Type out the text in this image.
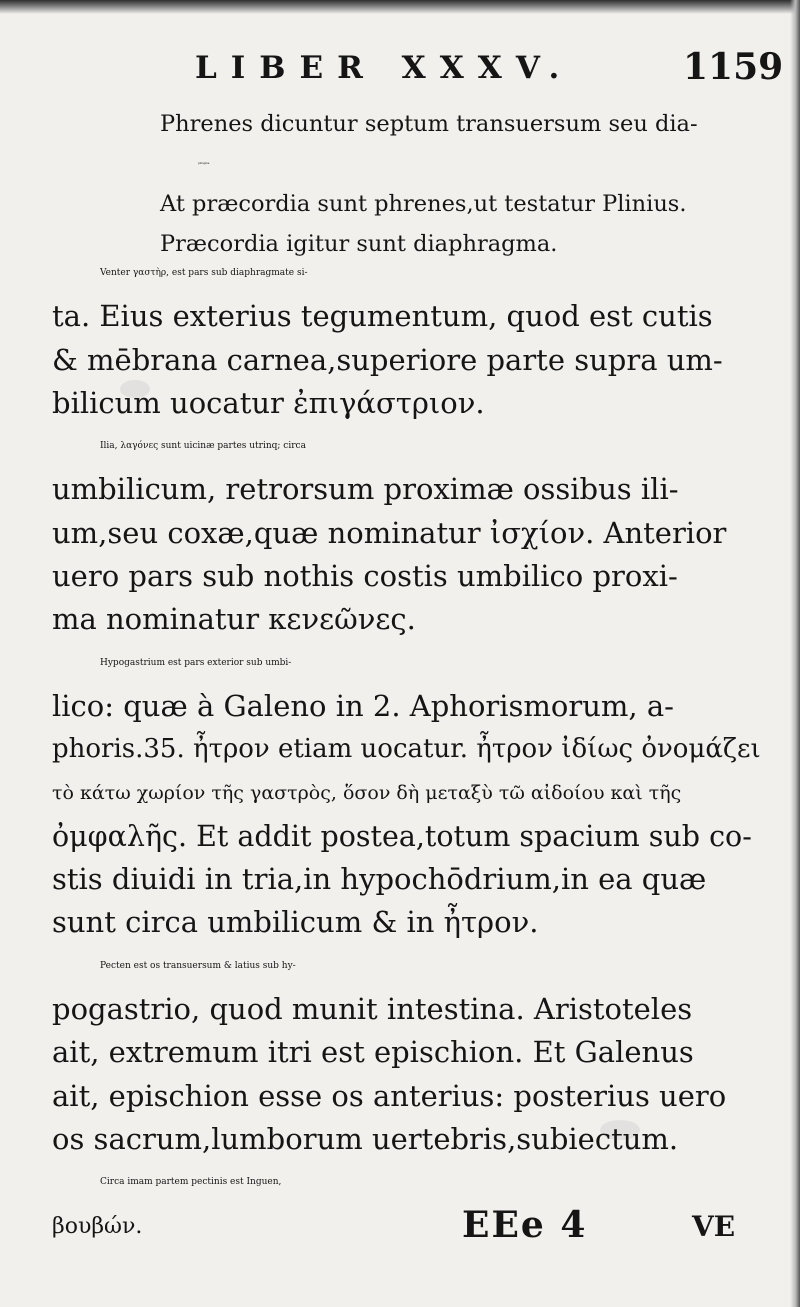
LIBER XXXV.	1159
Phrenes dicuntur septum transuersum seu dia-
phragma
At præcordia sunt phrenes,ut testatur Plinius.
Præcordia igitur sunt diaphragma.
Venter γαστὴρ, est pars sub diaphragmate si-
ta. Eius exterius tegumentum, quod est cutis
& mēbrana carnea,superiore parte supra um-
bilicum uocatur ἐπιγάστριον.
Ilia, λαγόνες sunt uicinæ partes utrinq; circa
umbilicum, retrorsum proximæ ossibus ili-
um,seu coxæ,quæ nominatur ἰσχίον. Anterior
uero pars sub nothis costis umbilico proxi-
ma nominatur κενεῶνες.
Hypogastrium est pars exterior sub umbi-
lico: quæ à Galeno in 2. Aphorismorum, a-
phoris.35. ἦτρον etiam uocatur. ἦτρον ἰδίως ὀνομάζει
τὸ κάτω χωρίον τῆς γαστρὸς, ὅσον δὴ μεταξὺ τῶ αἰδοίου καὶ τῆς
ὀμφαλῆς. Et addit postea,totum spacium sub co-
stis diuidi in tria,in hypochōdrium,in ea quæ
sunt circa umbilicum & in ἦτρον.
Pecten est os transuersum & latius sub hy-
pogastrio, quod munit intestina. Aristoteles
ait, extremum itri est epischion. Et Galenus
ait, epischion esse os anterius: posterius uero
os sacrum,lumborum uertebris,subiectum.
Circa imam partem pectinis est Inguen,
βουβών.	EEe 4	VE
